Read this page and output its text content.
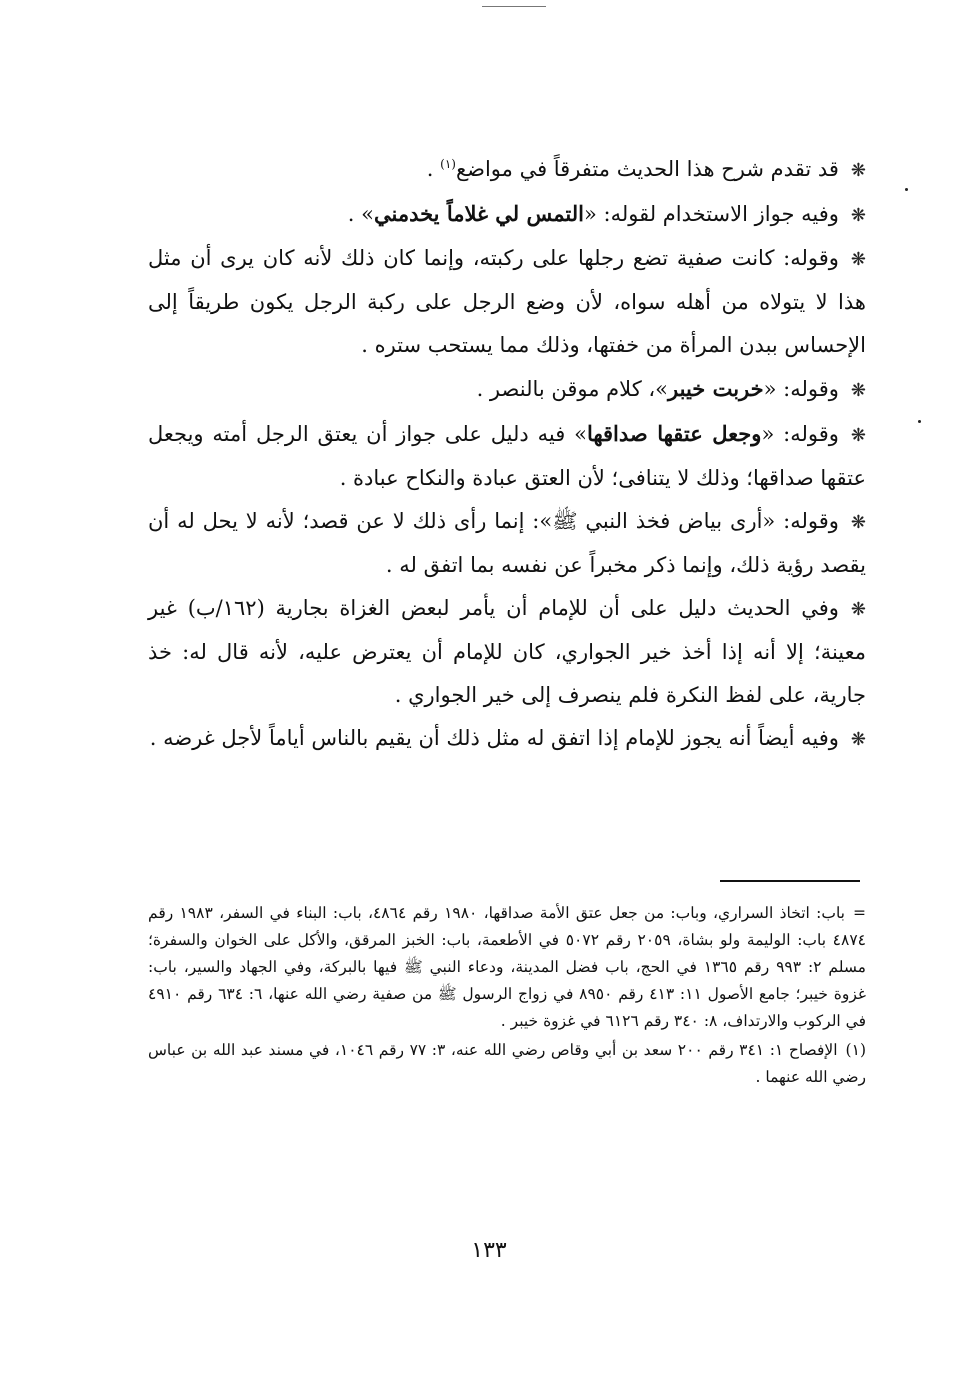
❋قد تقدم شرح هذا الحديث متفرقاً في مواضع$^{(١)}$ .

❋وفيه جواز الاستخدام لقوله: «التمس لي غلاماً يخدمني» .

❋وقوله: كانت صفية تضع رجلها على ركبته، وإنما كان ذلك لأنه كان يرى أن مثل هذا لا يتولاه من أهله سواه، لأن وضع الرجل على ركبة الرجل يكون طريقاً إلى الإحساس ببدن المرأة من خفتها، وذلك مما يستحب ستره .

❋وقوله: «خربت خيبر»، كلام موقن بالنصر .

❋وقوله: «وجعل عتقها صداقها» فيه دليل على جواز أن يعتق الرجل أمته ويجعل عتقها صداقها؛ وذلك لا يتنافى؛ لأن العتق عبادة والنكاح عبادة .

❋وقوله: «أرى بياض فخذ النبي ﷺ»: إنما رأى ذلك لا عن قصد؛ لأنه لا يحل له أن يقصد رؤية ذلك، وإنما ذكر مخبراً عن نفسه بما اتفق له .

❋وفي الحديث دليل على أن للإمام أن يأمر لبعض الغزاة بجارية (١٦٢/ب) غير معينة؛ إلا أنه إذا أخذ خير الجواري، كان للإمام أن يعترض عليه، لأنه قال له: خذ جارية، على لفظ النكرة فلم ينصرف إلى خير الجواري .

❋وفيه أيضاً أنه يجوز للإمام إذا اتفق له مثل ذلك أن يقيم بالناس أياماً لأجل غرضه .

=باب: اتخاذ السراري، وباب: من جعل عتق الأمة صداقها، ١٩٨٠ رقم ٤٨٦٤، باب: البناء في السفر، ١٩٨٣ رقم ٤٨٧٤ باب: الوليمة ولو بشاة، ٢٠٥٩ رقم ٥٠٧٢ في الأطعمة، باب: الخبز المرقق، والأكل على الخوان والسفرة؛ مسلم ٢: ٩٩٣ رقم ١٣٦٥ في الحج، باب فضل المدينة، ودعاء النبي ﷺ فيها بالبركة، وفي الجهاد والسير، باب: غزوة خيبر؛ جامع الأصول ١١: ٤١٣ رقم ٨٩٥٠ في زواج الرسول ﷺ من صفية رضي الله عنها، ٦: ٦٣٤ رقم ٤٩١٠ في الركوب والارتداف، ٨: ٣٤٠ رقم ٦١٢٦ في غزوة خيبر .

(١)الإفصاح ١: ٣٤١ رقم ٢٠٠ سعد بن أبي وقاص رضي الله عنه، ٣: ٧٧ رقم ١٠٤٦، في مسند عبد الله بن عباس رضي الله عنهما .

١٣٣
